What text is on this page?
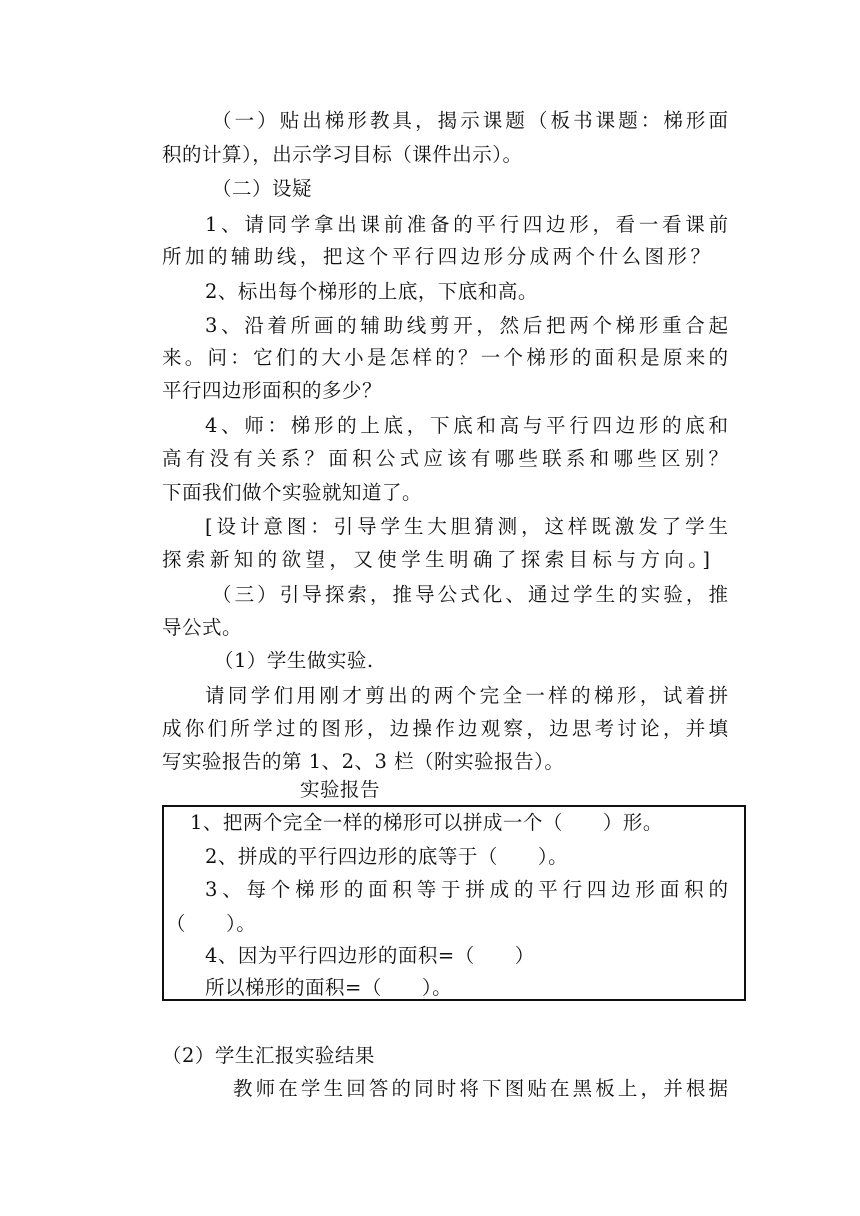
（一）贴出梯形教具，揭示课题（板书课题：梯形面
积的计算），出示学习目标（课件出示）。
（二）设疑
1、请同学拿出课前准备的平行四边形，看一看课前
所加的辅助线，把这个平行四边形分成两个什么图形？
2、标出每个梯形的上底，下底和高。
3、沿着所画的辅助线剪开，然后把两个梯形重合起
来。问：它们的大小是怎样的？一个梯形的面积是原来的
平行四边形面积的多少？
4、师：梯形的上底，下底和高与平行四边形的底和
高有没有关系？面积公式应该有哪些联系和哪些区别？
下面我们做个实验就知道了。
[设计意图：引导学生大胆猜测，这样既激发了学生
探索新知的欲望，又使学生明确了探索目标与方向。]
（三）引导探索，推导公式化、通过学生的实验，推
导公式。
（1）学生做实验.
请同学们用刚才剪出的两个完全一样的梯形，试着拼
成你们所学过的图形，边操作边观察，边思考讨论，并填
写实验报告的第 1、2、3 栏（附实验报告）。
实验报告
1、把两个完全一样的梯形可以拼成一个（　　）形。
2、拼成的平行四边形的底等于（　　）。
3、每个梯形的面积等于拼成的平行四边形面积的
（　　）。
4、因为平行四边形的面积=（　　）
所以梯形的面积=（　　）。
（2）学生汇报实验结果
教师在学生回答的同时将下图贴在黑板上，并根据
